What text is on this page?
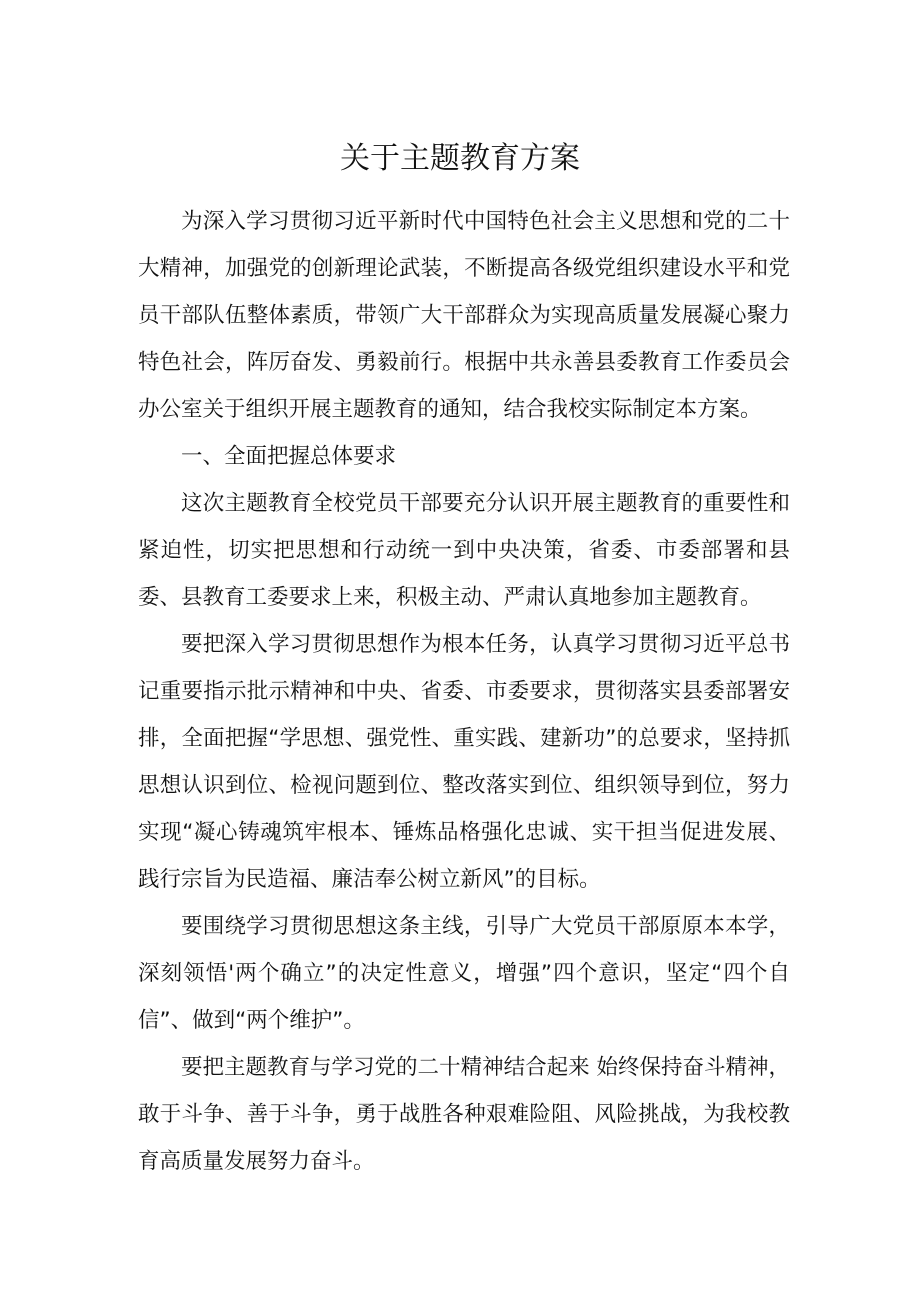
关于主题教育方案

为深入学习贯彻习近平新时代中国特色社会主义思想和党的二十大精神，加强党的创新理论武装，不断提高各级党组织建设水平和党员干部队伍整体素质，带领广大干部群众为实现高质量发展凝心聚力特色社会，阵厉奋发、勇毅前行。根据中共永善县委教育工作委员会办公室关于组织开展主题教育的通知，结合我校实际制定本方案。

一、全面把握总体要求

这次主题教育全校党员干部要充分认识开展主题教育的重要性和紧迫性，切实把思想和行动统一到中央决策，省委、市委部署和县委、县教育工委要求上来，积极主动、严肃认真地参加主题教育。

要把深入学习贯彻思想作为根本任务，认真学习贯彻习近平总书记重要指示批示精神和中央、省委、市委要求，贯彻落实县委部署安排，全面把握“学思想、强党性、重实践、建新功”的总要求，坚持抓思想认识到位、检视问题到位、整改落实到位、组织领导到位，努力实现“凝心铸魂筑牢根本、锤炼品格强化忠诚、实干担当促进发展、践行宗旨为民造福、廉洁奉公树立新风”的目标。

要围绕学习贯彻思想这条主线，引导广大党员干部原原本本学，深刻领悟'两个确立”的决定性意义，增强”四个意识，坚定“四个自信”、做到“两个维护”。

要把主题教育与学习党的二十精神结合起来 始终保持奋斗精神，敢于斗争、善于斗争，勇于战胜各种艰难险阻、风险挑战，为我校教育高质量发展努力奋斗。
